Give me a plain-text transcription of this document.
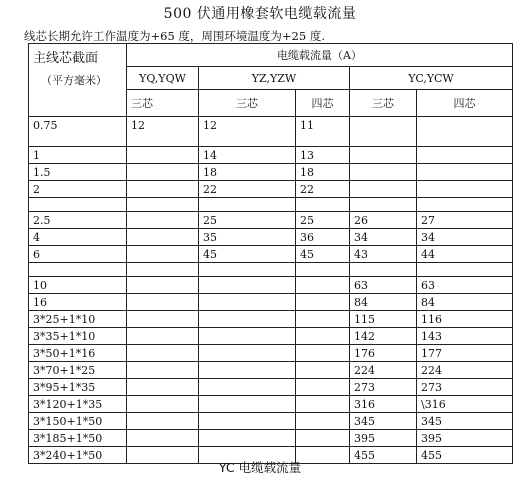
500 伏通用橡套软电缆载流量
线芯长期允许工作温度为+65 度，周围环境温度为+25 度.
主线芯截面
（平方毫米）	电缆载流量（A）				
	YQ,YQW	YZ,YZW		YC,YCW	
	三芯	三芯	四芯	三芯	四芯
0.75	12	12	11		
1		14	13		
1.5		18	18		
2		22	22		

2.5		25	25	26	27
4		35	36	34	34
6		45	45	43	44

10				63	63
16				84	84
3*25+1*10				115	116
3*35+1*10				142	143
3*50+1*16				176	177
3*70+1*25				224	224
3*95+1*35				273	273
3*120+1*35				316	\316
3*150+1*50				345	345
3*185+1*50				395	395
3*240+1*50				455	455
YC 电缆载流量
